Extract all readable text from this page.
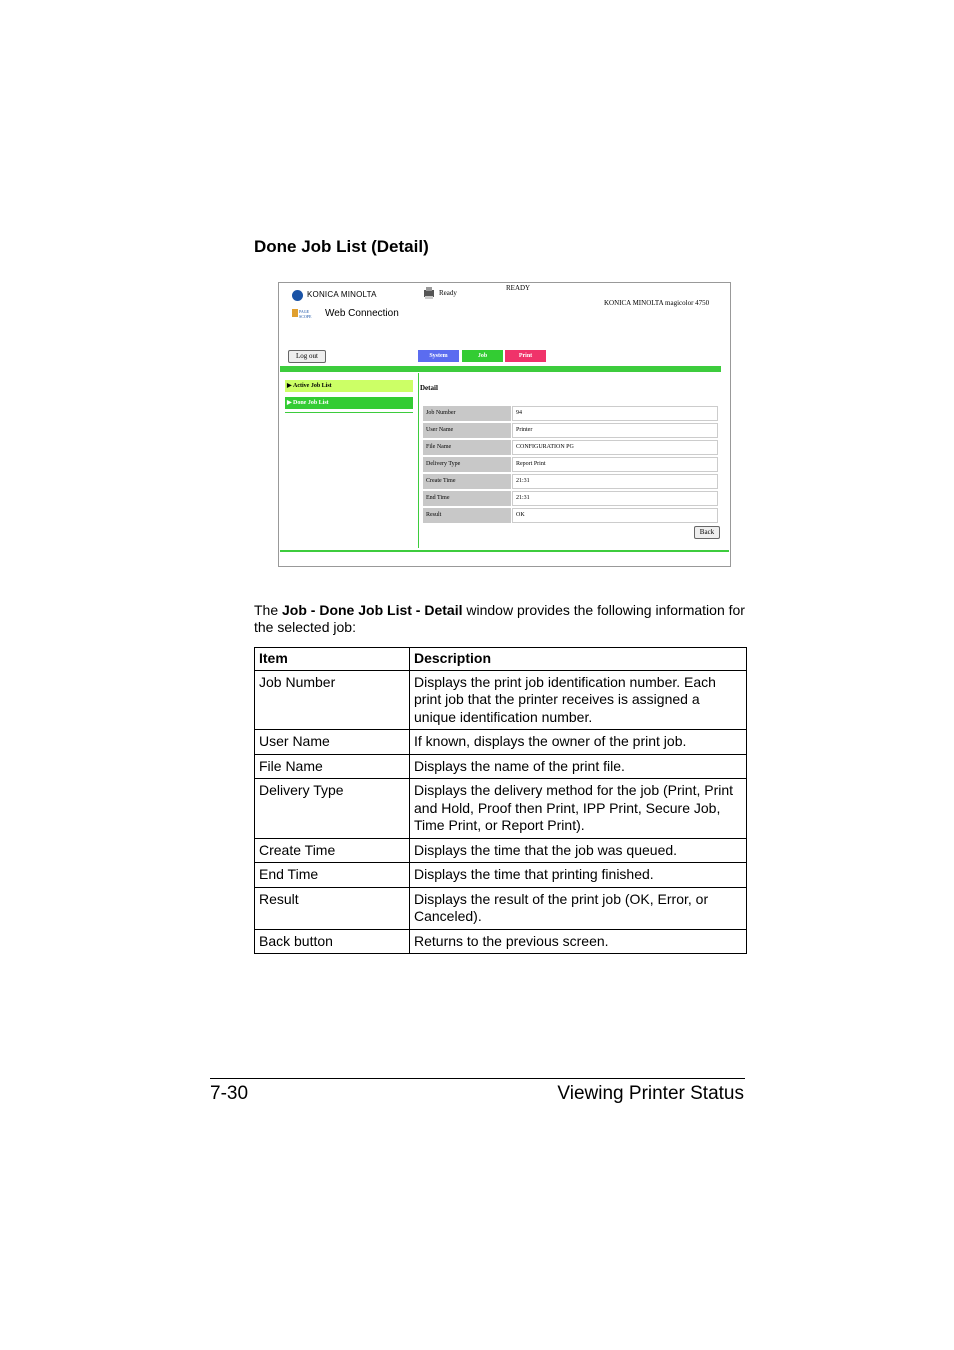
Done Job List (Detail)
KONICA MINOLTA
PAGE
SCOPE Web Connection
Ready
READY
KONICA MINOLTA magicolor 4750
Log out	System	Job	Print
▶ Active Job List
▶ Done Job List
Detail
Job Number	94
User Name	Printer
File Name	CONFIGURATION PG
Delivery Type	Report Print
Create Time	21:31
End Time	21:31
Result	OK
Back
The Job - Done Job List - Detail window provides the following information for the selected job:
Item	Description
Job Number	Displays the print job identification number. Each print job that the printer receives is assigned a unique identification number.
User Name	If known, displays the owner of the print job.
File Name	Displays the name of the print file.
Delivery Type	Displays the delivery method for the job (Print, Print and Hold, Proof then Print, IPP Print, Secure Job, Time Print, or Report Print).
Create Time	Displays the time that the job was queued.
End Time	Displays the time that printing finished.
Result	Displays the result of the print job (OK, Error, or Canceled).
Back button	Returns to the previous screen.
7-30	Viewing Printer Status
